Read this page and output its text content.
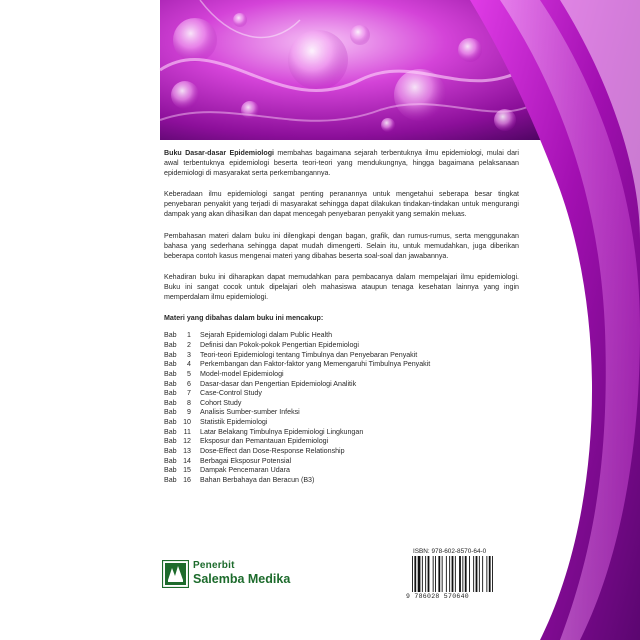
Buku Dasar-dasar Epidemiologi membahas bagaimana sejarah terbentuknya ilmu epidemiologi, mulai dari awal terbentuknya epidemiologi beserta teori-teori yang mendukungnya, hingga bagaimana pelaksanaan epidemiologi di masyarakat serta perkembangannya.

Keberadaan ilmu epidemiologi sangat penting peranannya untuk mengetahui seberapa besar tingkat penyebaran penyakit yang terjadi di masyarakat sehingga dapat dilakukan tindakan-tindakan untuk mengurangi dampak yang akan dihasilkan dan dapat mencegah penyebaran penyakit yang semakin meluas.

Pembahasan materi dalam buku ini dilengkapi dengan bagan, grafik, dan rumus-rumus, serta menggunakan bahasa yang sederhana sehingga dapat mudah dimengerti. Selain itu, untuk memudahkan, juga diberikan beberapa contoh kasus mengenai materi yang dibahas beserta soal-soal dan jawabannya.

Kehadiran buku ini diharapkan dapat memudahkan para pembacanya dalam mempelajari ilmu epidemiologi. Buku ini sangat cocok untuk dipelajari oleh mahasiswa ataupun tenaga kesehatan lainnya yang ingin memperdalam ilmu epidemiologi.

Materi yang dibahas dalam buku ini mencakup:
Bab	1 Sejarah Epidemiologi dalam Public Health
Bab	2 Definisi dan Pokok-pokok Pengertian Epidemiologi
Bab	3 Teori-teori Epidemiologi tentang Timbulnya dan Penyebaran Penyakit
Bab	4 Perkembangan dan Faktor-faktor yang Memengaruhi Timbulnya Penyakit
Bab	5 Model-model Epidemiologi
Bab	6 Dasar-dasar dan Pengertian Epidemiologi Analitik
Bab	7 Case-Control Study
Bab	8 Cohort Study
Bab	9 Analisis Sumber-sumber Infeksi
Bab 10 Statistik Epidemiologi
Bab 11 Latar Belakang Timbulnya Epidemiologi Lingkungan
Bab 12 Eksposur dan Pemantauan Epidemiologi
Bab 13 Dose-Effect dan Dose-Response Relationship
Bab 14 Berbagai Eksposur Potensial
Bab 15 Dampak Pencemaran Udara
Bab 16 Bahan Berbahaya dan Beracun (B3)
ISBN: 978-602-8570-64-0
9 786028 570640
Penerbit
Salemba Medika
